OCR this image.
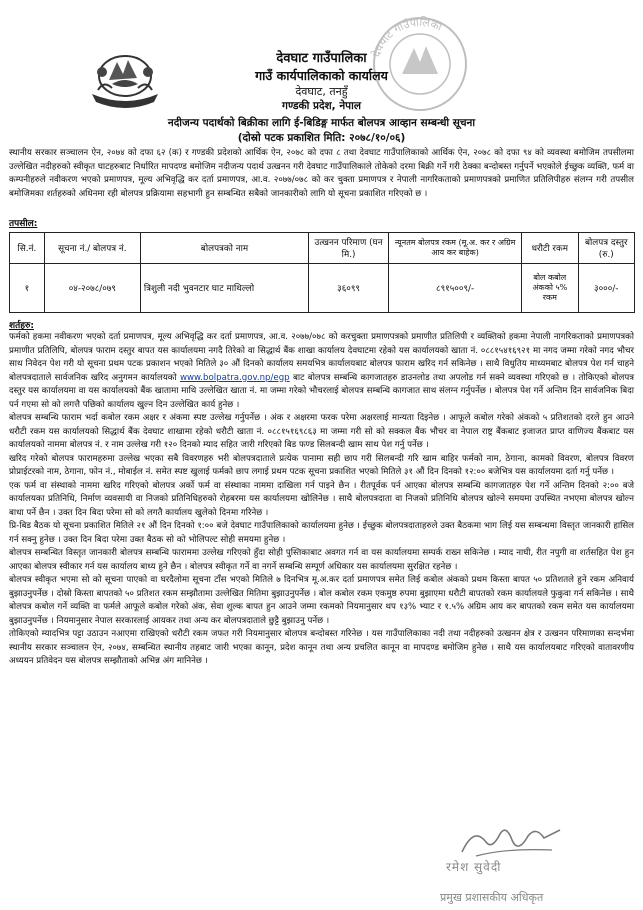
देवघाट गाउँपालिका
देवघाट गाउँपालिका
गाउँ कार्यपालिकाको कार्यालय
देवघाट, तनहुँ
गण्डकी प्रदेश, नेपाल
नदीजन्य पदार्थको बिक्रीका लागि ई-बिडिङ्ग मार्फत बोलपत्र आव्हान सम्बन्धी सूचना
(दोस्रो पटक प्रकाशित मिति: २०७८/१०/०६)

स्थानीय सरकार सञ्चालन ऐन, २०७४ को दफा ६२ (क) र गण्डकी प्रदेशको आर्थिक ऐन, २०७८ को दफा ८ तथा देवघाट गाउँपालिकाको आर्थिक ऐन, २०७८ को दफा ९४ को व्यवस्था बमोजिम तपसीलमा उल्लेखित नदीहरुको स्वीकृत घाटहरुबाट निर्धारित मापदण्ड बमोजिम नदीजन्य पदार्थ उत्खनन गरी देवघाट गाउँपालिकाले तोकेको दरमा बिक्री गर्ने गरी ठेक्का बन्दोबस्त गर्नुपर्ने भएकोले ईच्छुक व्यक्ति, फर्म वा कम्पनीहरुले नवीकरण भएको प्रमाणपत्र, मूल्य अभिवृद्धि कर दर्ता प्रमाणपत्र, आ.व. २०७७/०७८ को कर चुक्ता प्रमाणपत्र र नेपाली नागरिकताको प्रमाणपत्रको प्रमाणित प्रतिलिपीहरु संलग्न गरी तपसील बमोजिमका शर्तहरुको अधिनमा रही बोलपत्र प्रक्रियामा सहभागी हुन सम्बन्धित सबैको जानकारीको लागि यो सूचना प्रकाशित गरिएको छ ।

तपसील:
सि.नं.	सूचना नं./ बोलपत्र नं.	बोलपत्रको नाम	उत्खनन परिमाण (घन मि.)	न्यूनतम बोलपत्र रकम (मू.अ. कर र अग्रिम आय कर बाहेक)	धरौटी रकम	बोलपत्र दस्तुर (रु.)
१	०४-२०७८/०७९	त्रिशुली नदी भुवनटार घाट माथिल्लो	३६०९९	८९१५००९/-	बोल कबोल अंकको ५% रकम	३०००/-
शर्तहरु:

फर्मको हकमा नवीकरण भएको दर्ता प्रमाणपत्र, मूल्य अभिवृद्धि कर दर्ता प्रमाणपत्र, आ.व. २०७७/०७८ को करचुक्ता प्रमाणपत्रको प्रमाणीत प्रतिलिपी र व्यक्तिको हकमा नेपाली नागरिकताको प्रमाणपत्रको प्रमाणीत प्रतिलिपि, बोलपत्र फाराम दस्तुर बापत यस कार्यालयमा नगदै तिरेको वा सिद्धार्थ बैंक शाखा कार्यालय देवघाटमा रहेको यस कार्यालयको खाता नं. ०८८१५४१६९२१ मा नगद जम्मा गरेको नगद भौचर साथ निवेदन पेश गरी यो सूचना प्रथम पटक प्रकाशन भएको मितिले ३० औं दिनको कार्यालय समयभित्र कार्यालयबाट बोलपत्र फाराम खरिद गर्न सकिनेछ । साथै विधुतिय माध्यमबाट बोलपत्र पेश गर्न चाहने बोलपत्रदाताले सार्वजनिक खरिद अनुगमन कार्यालयको www.bolpatra.gov.np/egp बाट बोलपत्र सम्बन्धि कागजातहरु डाउनलोड तथा अपलोड गर्न सक्ने व्यवस्था गरिएको छ । तोकिएको बोलपत्र दस्तुर यस कार्यालयमा वा यस कार्यालयको बैंक खातामा माथि उल्लेखित खाता नं. मा जम्मा गरेको भौचरलाई बोलपत्र सम्बन्धि कागजात साथ संलग्न गर्नुपर्नेछ । बोलपत्र पेश गर्ने अन्तिम दिन सार्वजनिक बिदा पर्न गएमा सो को लगत्तै पछिको कार्यालय खुल्न दिन उल्लेखित कार्य हुनेछ ।

बोलपत्र सम्बन्धि फाराम भर्दा कबोल रकम अक्षर र अंकमा स्पष्ट उल्लेख गर्नुपर्नेछ । अंक र अक्षरमा फरक परेमा अक्षरलाई मान्यता दिइनेछ । आफूले कबोल गरेको अंकको ५ प्रतिशतको दरले हुन आउने धरौटी रकम यस कार्यालयको सिद्धार्थ बैंक देवघाट शाखामा रहेको धरौटी खाता नं. ०८८१५१६९८६३ मा जम्मा गरी सो को सक्कल बैंक भौचर वा नेपाल राष्ट्र बैंकबाट इजाजत प्राप्त वाणिज्य बैंकबाट यस कार्यालयको नाममा बोलपत्र नं. र नाम उल्लेख गरी १२० दिनको म्याद सहित जारी गरिएको बिड फण्ड सिलबन्दी खाम साथ पेश गर्नु पर्नेछ ।

खरिद गरेको बोलपत्र फारामहरुमा उल्लेख भएका सबै विवरणहरु भरी बोलपत्रदाताले प्रत्येक पानामा सही छाप गरी सिलबन्दी गरि खाम बाहिर फर्मको नाम, ठेगाना, कामको विवरण, बोलपत्र विवरण प्रोप्राईटरको नाम, ठेगाना, फोन नं., मोबाईल नं. समेत स्पष्ट खुलाई फर्मको छाप लगाई प्रथम पटक सूचना प्रकाशित भएको मितिले ३१ औं दिन दिनको १२:०० बजेभित्र यस कार्यालयमा दर्ता गर्नु पर्नेछ ।

एक फर्म वा संस्थाको नाममा खरिद गरिएको बोलपत्र अर्को फर्म वा संस्थाका नाममा दाखिला गर्न पाइने छैन । रीतपूर्वक पर्न आएका बोलपत्र सम्बन्धि कागजातहरु पेश गर्ने अन्तिम दिनको २:०० बजे कार्यालयका प्रतिनिधि, निर्माण व्यवसायी वा निजको प्रतिनिधिहरुको रोहबरमा यस कार्यालयमा खोलिनेछ । साथै बोलपत्रदाता वा निजको प्रतिनिधि बोलपत्र खोल्ने समयमा उपस्थित नभएमा बोलपत्र खोल्न बाधा पर्ने छैन । उक्त दिन बिदा परेमा सो को लगतै कार्यालय खुलेको दिनमा गरिनेछ ।

प्रि-बिड बैठक यो सूचना प्रकाशित मितिले २१ औं दिन दिनको १:०० बजे देवघाट गाउँपालिकाको कार्यालयमा हुनेछ । ईच्छुक बोलपत्रदाताहरुले उक्त बैठकमा भाग लिई यस सम्बन्धमा विस्तृत जानकारी हासिल गर्न सक्नु हुनेछ । उक्त दिन बिदा परेमा उक्त बैठक सो को भोलिपल्ट सोही समयमा हुनेछ ।

बोलपत्र सम्बन्धित विस्तृत जानकारी बोलपत्र सम्बन्धि फाराममा उल्लेख गरिएको हुँदा सोही पुस्तिकाबाट अवगत गर्न वा यस कार्यालयमा सम्पर्क राख्न सकिनेछ । म्याद नाघी, रीत नपुगी वा शर्तसहित पेश हुन आएका बोलपत्र स्वीकार गर्न यस कार्यालय बाध्य हुने छैन । बोलपत्र स्वीकृत गर्ने वा नगर्ने सम्बन्धि सम्पूर्ण अधिकार यस कार्यालयमा सुरक्षित रहनेछ ।

बोलपत्र स्वीकृत भएमा सो को सूचना पाएको वा घरदैलोमा सूचना टाँस भएको मितिले ७ दिनभित्र मू.अ.कर दर्ता प्रमाणपत्र समेत लिई कबोल अंकको प्रथम किस्ता बापत ५० प्रतिशतले हुने रकम अनिवार्य बुझाउनुपर्नेछ । दोस्रो किस्ता बापतको ५० प्रतिशत रकम सम्झौतामा उल्लेखित मितिमा बुझाउनुपर्नेछ । बोल कबोल रकम एकमुष्ठ रुपमा बुझाएमा धरौटी बापतको रकम कार्यालयले फुकुवा गर्न सकिनेछ । साथै बोलपत्र कबोल गर्ने व्यक्ति वा फर्मले आफूले कबोल गरेको अंक, सेवा शुल्क बापत हुन आउने जम्मा रकमको नियमानुसार थप १३% भ्याट र १.५% अग्रिम आय कर बापतको रकम समेत यस कार्यालयमा बुझाउनुपर्नेछ । नियमानुसार नेपाल सरकारलाई आयकर तथा अन्य कर बोलपत्रदाताले छुट्टै बुझाउनु पर्नेछ ।

तोकिएको म्यादभित्र पट्टा उठाउन नआएमा राखिएको धरौटी रकम जफत गरी नियमानुसार बोलपत्र बन्दोबस्त गरिनेछ । यस गाउँपालिकाका नदी तथा नदीहरुको उत्खनन क्षेत्र र उत्खनन परिमाणका सन्दर्भमा स्थानीय सरकार सञ्चालन ऐन, २०७४, सम्बन्धित स्थानीय तहबाट जारी भएका कानून, प्रदेश कानून तथा अन्य प्रचलित कानून वा मापदण्ड बमोजिम हुनेछ । साथै यस कार्यालयबाट गरिएको वातावरणीय अध्ययन प्रतिवेदन यस बोलपत्र सम्झौताको अभिन्न अंग मानिनेछ ।

रमेश सुवेदी
प्रमुख प्रशासकीय अधिकृत
